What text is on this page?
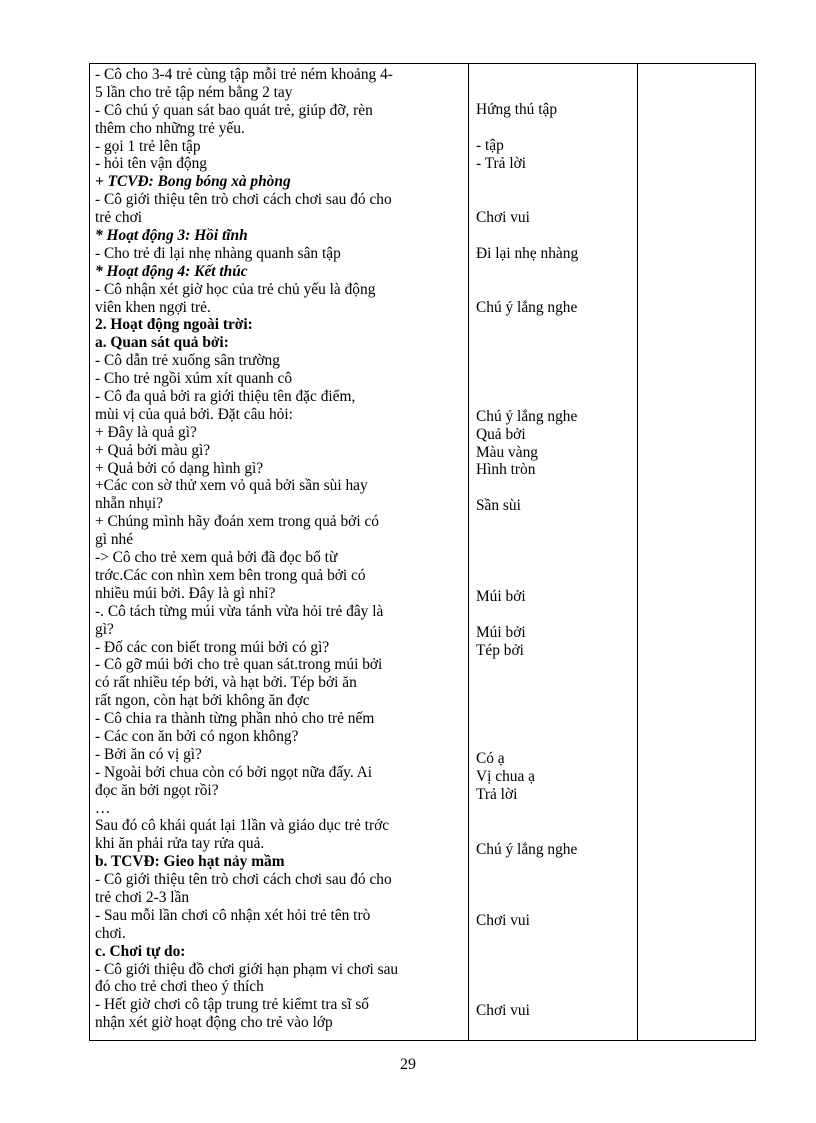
- Cô cho 3-4 trẻ cùng tập mỗi trẻ ném khoảng 4-
5 lần cho trẻ tập ném bằng 2 tay
- Cô chú ý quan sát bao quát trẻ, giúp đỡ, rèn
thêm cho những trẻ yếu.
- gọi 1 trẻ lên tập
- hỏi tên vận động
+ TCVĐ: Bong bóng xà phòng
- Cô giới thiệu tên trò chơi cách chơi sau đó cho
trẻ chơi
* Hoạt động 3: Hồi tĩnh
- Cho trẻ đi lại nhẹ nhàng quanh sân tập
* Hoạt động 4: Kết thúc
- Cô nhận xét giờ học của trẻ chủ yếu là động
viên khen ngợi trẻ.
2. Hoạt động ngoài trời:
a. Quan sát quả bởi:
- Cô dẫn trẻ xuống sân trường
- Cho trẻ ngồi xúm xít quanh cô
- Cô đa quả bởi ra giới thiệu tên đặc điểm,
mùi vị của quả bởi. Đặt câu hỏi:
+ Đây là quả gì?
+ Quả bởi màu gì?
+ Quả bởi có dạng hình gì?
+Các con sờ thử xem vỏ quả bởi sần sùi hay
nhẵn nhụi?
+ Chúng mình hãy đoán xem trong quả bởi có
gì nhé
-> Cô cho trẻ xem quả bởi đã đọc bổ từ
trớc.Các con nhìn xem bên trong quả bởi có
nhiều múi bởi. Đây là gì nhỉ?
-. Cô tách từng múi vừa tánh vừa hỏi trẻ đây là
gì?
- Đố các con biết trong múi bởi có gì?
- Cô gỡ múi bởi cho trẻ quan sát.trong múi bởi
có rất nhiều tép bởi, và hạt bởi. Tép bởi ăn
rất ngon, còn hạt bởi không ăn đợc
- Cô chia ra thành từng phần nhỏ cho trẻ nếm
- Các con ăn bởi có ngon không?
- Bởi ăn có vị gì?
- Ngoài bởi chua còn có bởi ngọt nữa đấy. Ai
đọc ăn bởi ngọt rồi?
…
Sau đó cô khái quát lại 1lần và giáo dục trẻ trớc
khi ăn phải rửa tay rửa quả.
b. TCVĐ: Gieo hạt nảy mầm
- Cô giới thiệu tên trò chơi cách chơi sau đó cho
trẻ chơi 2-3 lần
- Sau mỗi lần chơi cô nhận xét hỏi trẻ tên trò
chơi.
c. Chơi tự do:
- Cô giới thiệu đồ chơi giới hạn phạm vi chơi sau
đó cho trẻ chơi theo ý thích
- Hết giờ chơi cô tập trung trẻ kiểmt tra sĩ số
nhận xét giờ hoạt động cho trẻ vào lớp
Hứng thú tập
- tập
- Trả lời
Chơi vui
Đi lại nhẹ nhàng
Chú ý lắng nghe
Chú ý lắng nghe
Quả bởi
Màu vàng
Hình tròn
Sần sùi
Múi bởi
Múi bởi
Tép bởi
Có ạ
Vị chua ạ
Trả lời
Chú ý lắng nghe
Chơi vui
Chơi vui
29
